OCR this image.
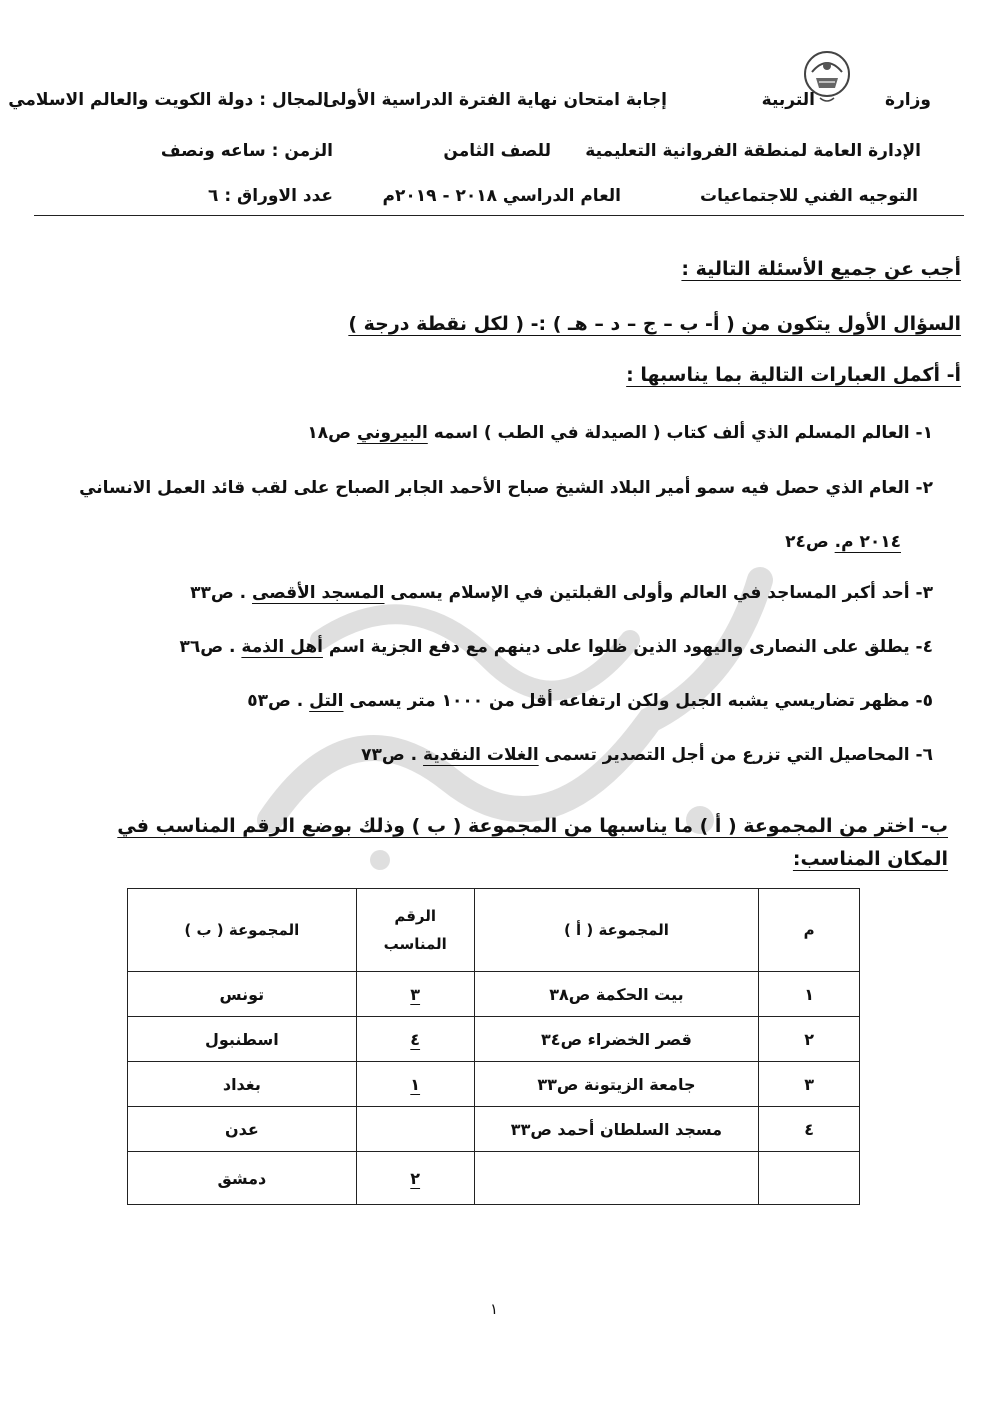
وزارة
التربية
إجابة امتحان نهاية الفترة الدراسية الأولى
المجال : دولة الكويت والعالم الاسلامي
الإدارة العامة لمنطقة الفروانية التعليمية
للصف الثامن
الزمن : ساعه ونصف
التوجيه الفني للاجتماعيات
العام الدراسي ٢٠١٨ - ٢٠١٩م
عدد الاوراق : ٦
أجب عن جميع الأسئلة التالية :
السؤال الأول يتكون من ( أ- ب – ج – د – هـ ) :- ( لكل نقطة درجة )
أ- أكمل العبارات التالية بما يناسبها :
١- العالم المسلم الذي ألف كتاب ( الصيدلة في الطب ) اسمه البيروني ص١٨
٢- العام الذي حصل فيه سمو أمير البلاد الشيخ صباح الأحمد الجابر الصباح على لقب قائد العمل الانساني
٢٠١٤ م. ص٢٤
٣- أحد أكبر المساجد في العالم وأولى القبلتين في الإسلام يسمى المسجد الأقصى . ص٣٣
٤- يطلق على النصارى واليهود الذين ظلوا على دينهم مع دفع الجزية اسم أهل الذمة . ص٣٦
٥- مظهر تضاريسي يشبه الجبل ولكن ارتفاعه أقل من ١٠٠٠ متر يسمى التل . ص٥٣
٦- المحاصيل التي تزرع من أجل التصدير تسمى الغلات النقدية . ص٧٣
ب- اختر من المجموعة ( أ ) ما يناسبها من المجموعة ( ب ) وذلك بوضع الرقم المناسب في
المكان المناسب:
م	المجموعة ( أ )	الرقم المناسب	المجموعة ( ب )
١	بيت الحكمة ص٣٨	٣	تونس
٢	قصر الخضراء ص٣٤	٤	اسطنبول
٣	جامعة الزيتونة ص٣٣	١	بغداد
٤	مسجد السلطان أحمد ص٣٣		عدن
		٢	دمشق
١
